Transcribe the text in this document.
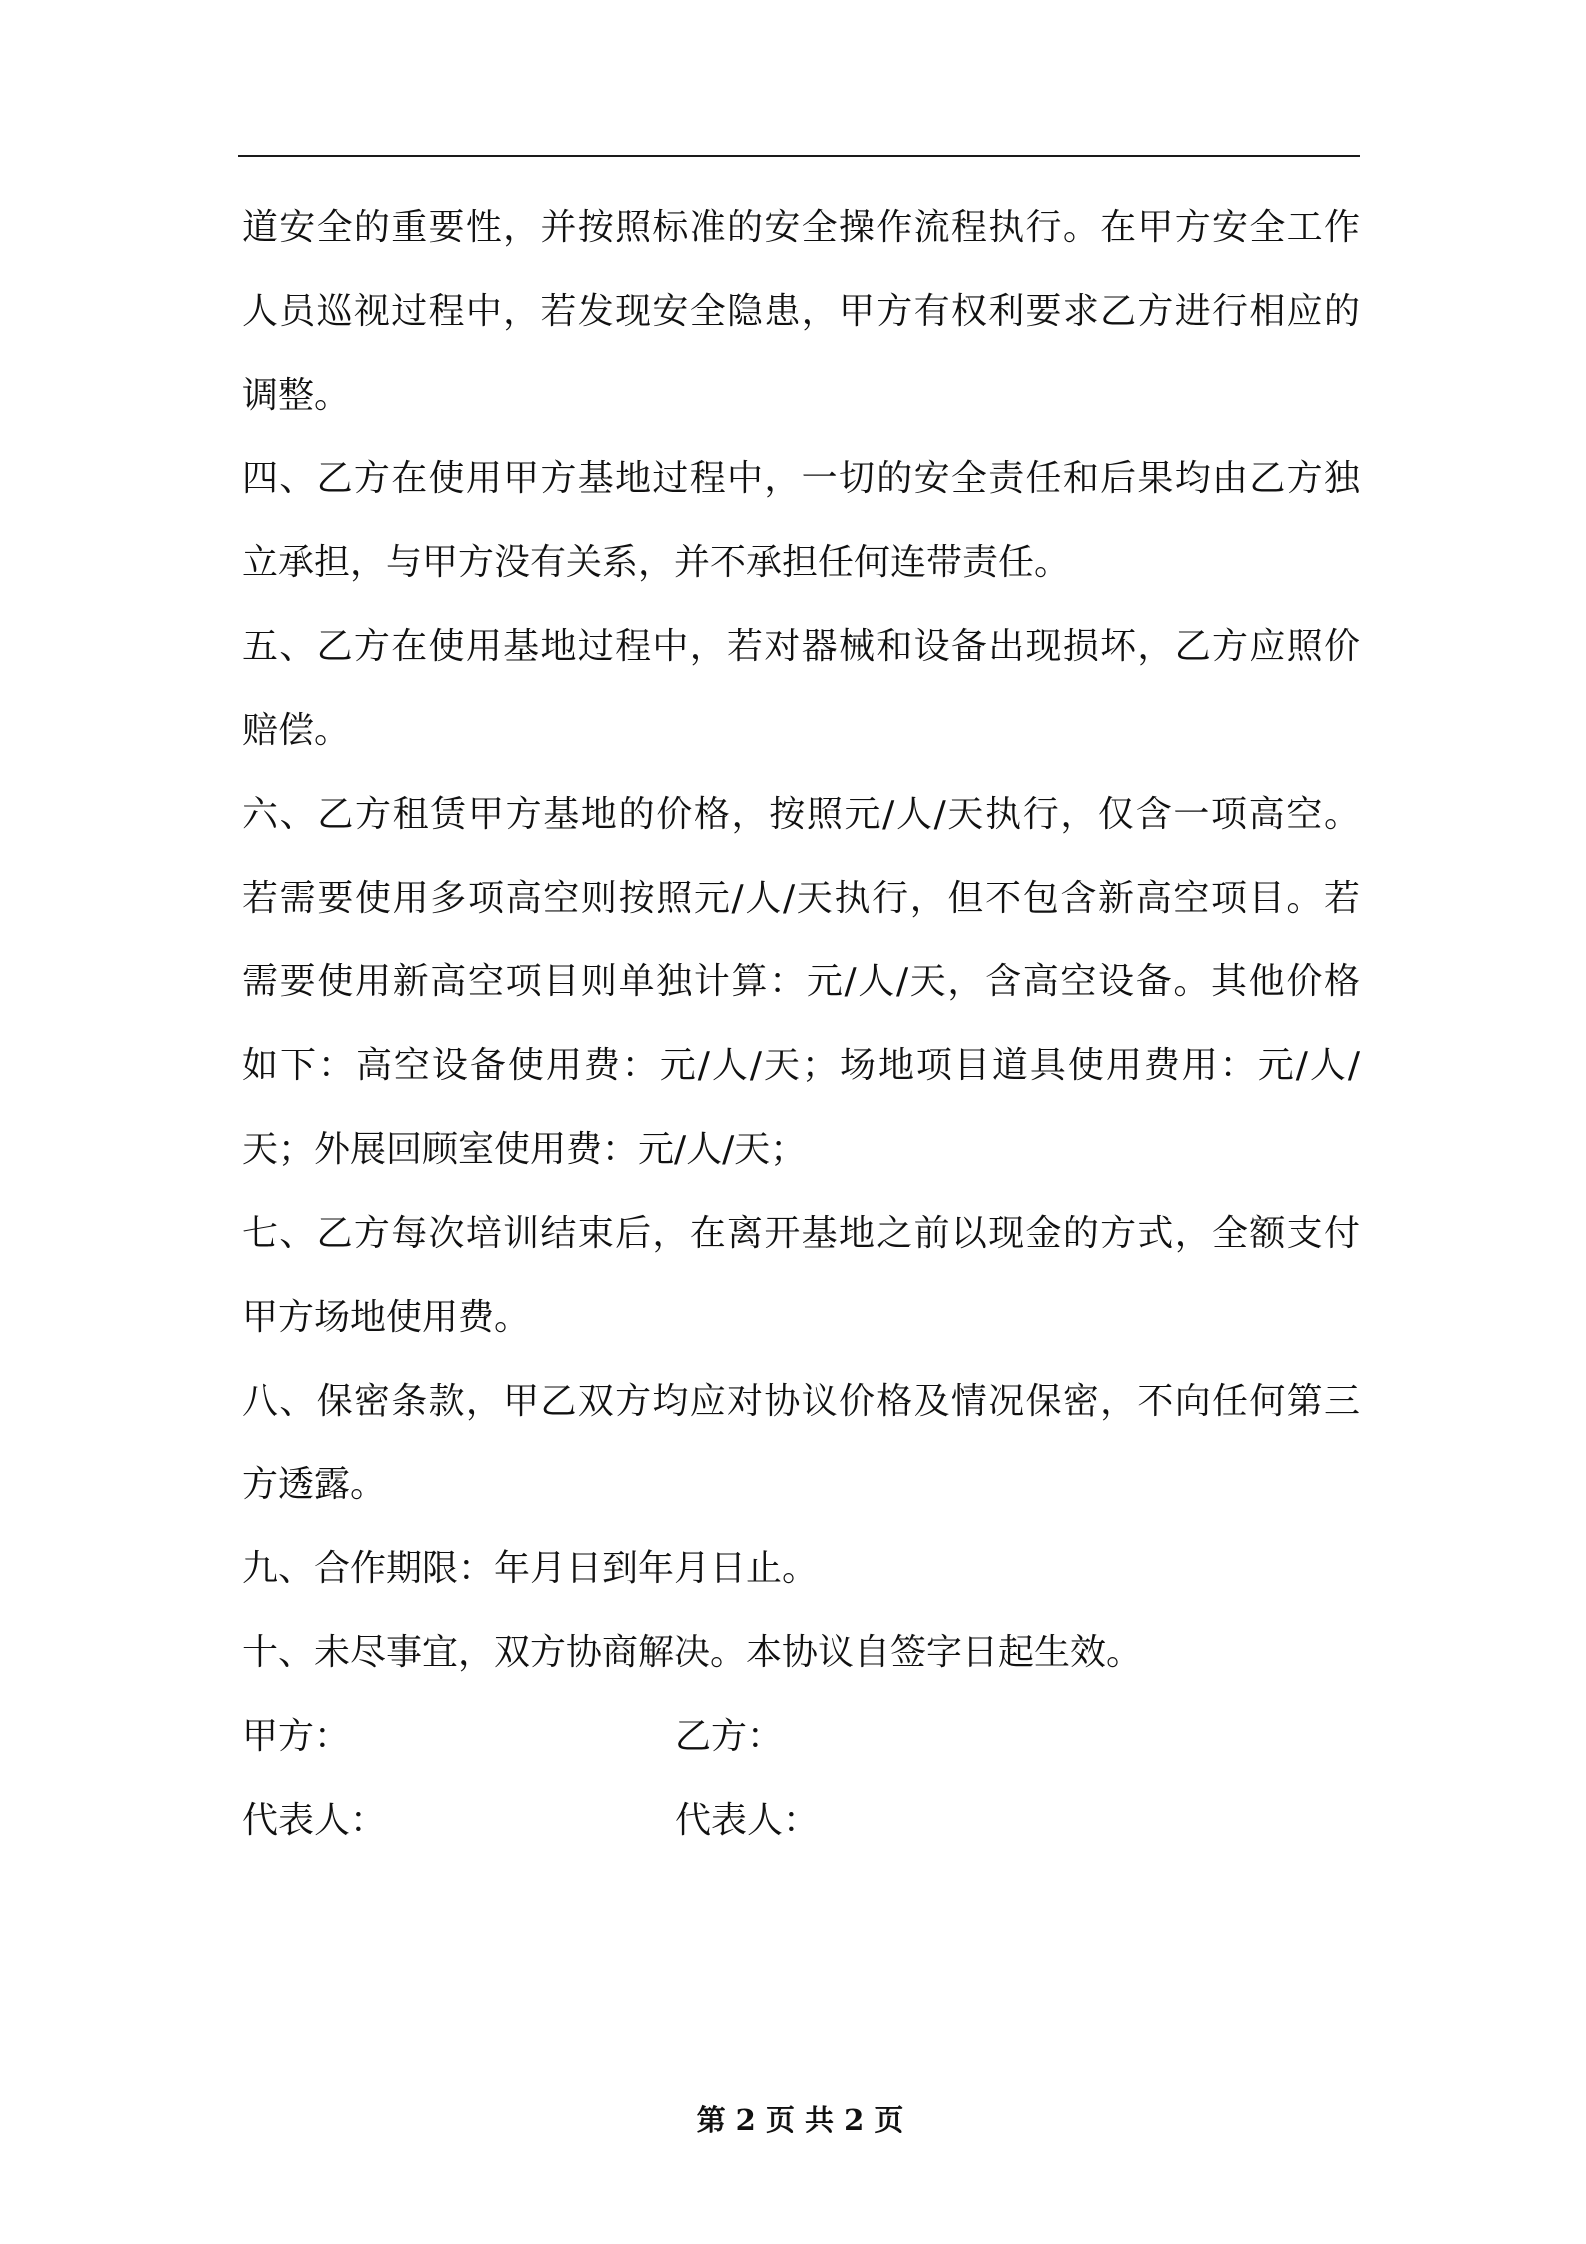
道安全的重要性，并按照标准的安全操作流程执行。在甲方安全工作
人员巡视过程中，若发现安全隐患，甲方有权利要求乙方进行相应的
调整。
四、乙方在使用甲方基地过程中，一切的安全责任和后果均由乙方独
立承担，与甲方没有关系，并不承担任何连带责任。
五、乙方在使用基地过程中，若对器械和设备出现损坏，乙方应照价
赔偿。
六、乙方租赁甲方基地的价格，按照元/人/天执行，仅含一项高空。
若需要使用多项高空则按照元/人/天执行，但不包含新高空项目。若
需要使用新高空项目则单独计算：元/人/天，含高空设备。其他价格
如下：高空设备使用费：元/人/天；场地项目道具使用费用：元/人/
天；外展回顾室使用费：元/人/天；
七、乙方每次培训结束后，在离开基地之前以现金的方式，全额支付
甲方场地使用费。
八、保密条款，甲乙双方均应对协议价格及情况保密，不向任何第三
方透露。
九、合作期限：年月日到年月日止。
十、未尽事宜，双方协商解决。本协议自签字日起生效。
甲方：	乙方：
代表人：	代表人：
第 2 页 共 2 页
